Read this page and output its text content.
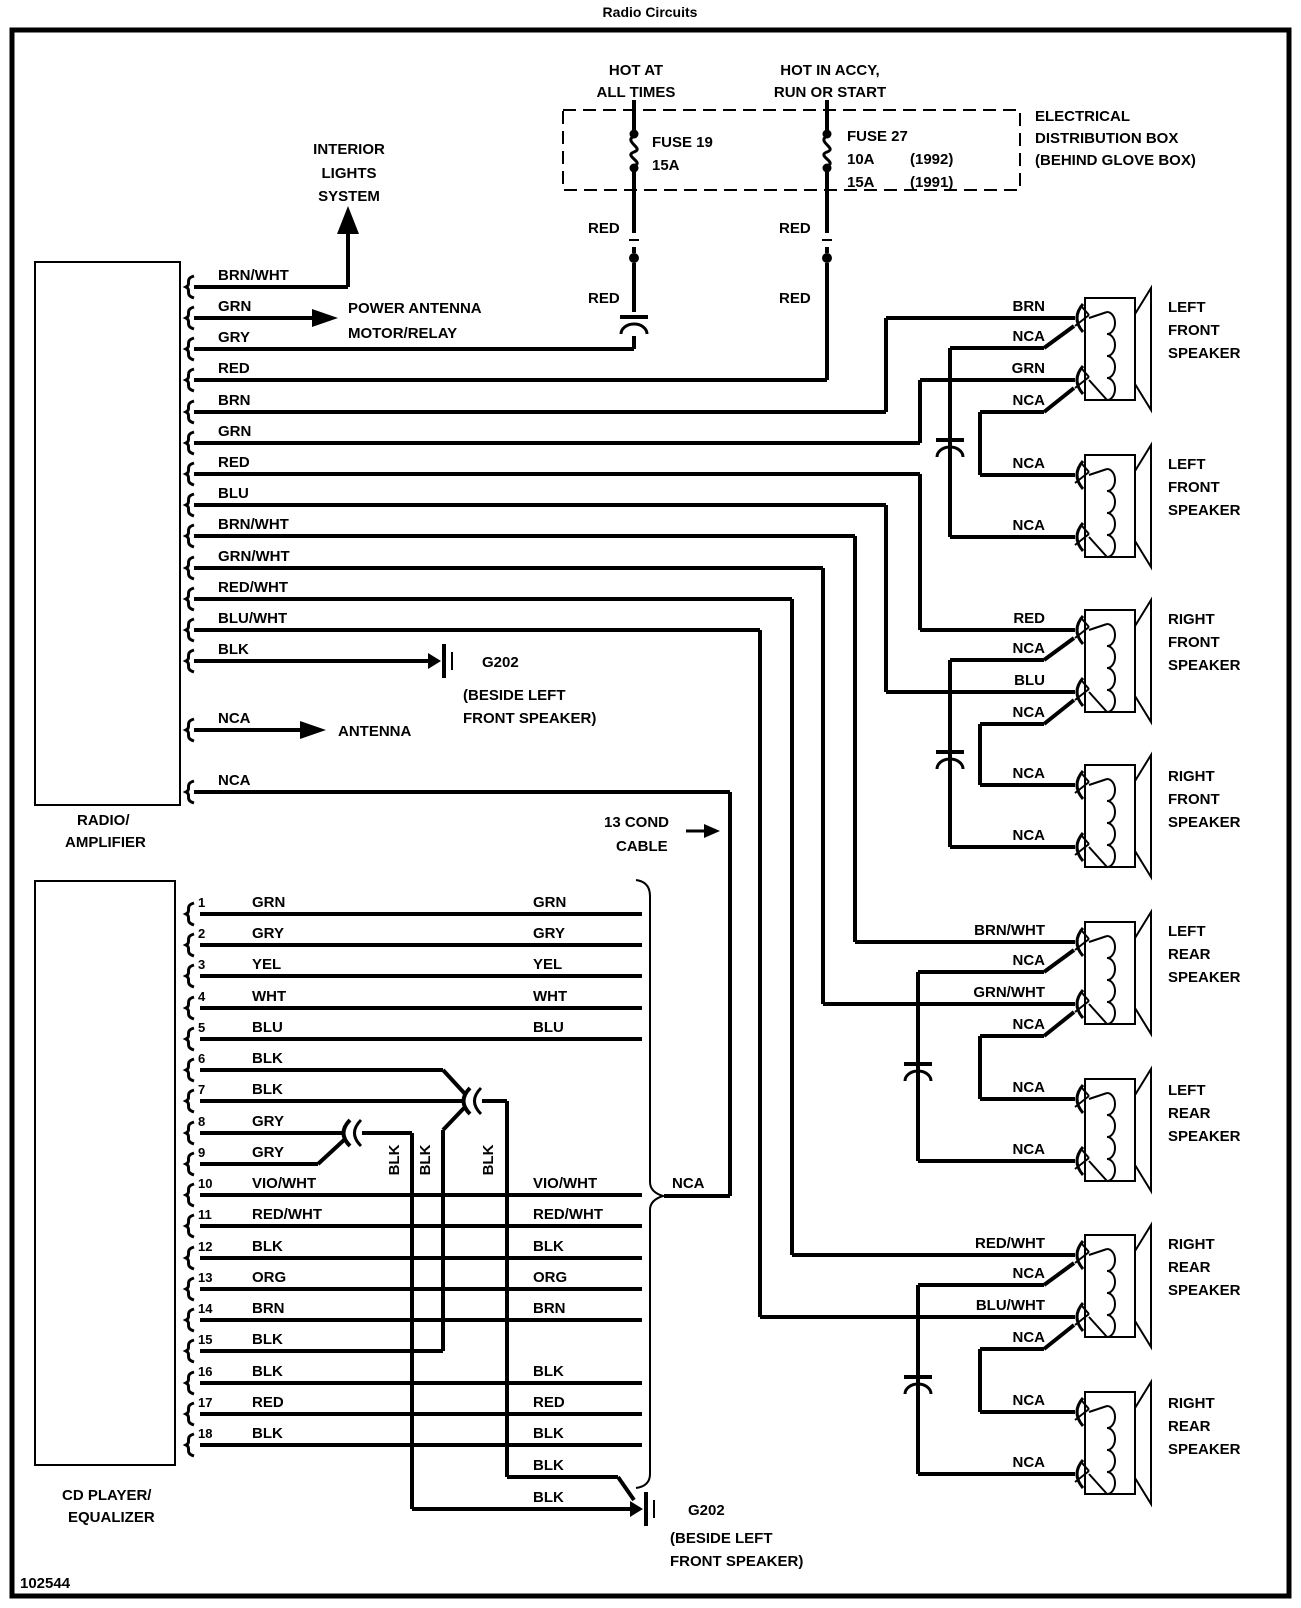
Radio Circuits
102544
HOT AT
ALL TIMES
HOT IN ACCY,
RUN OR START
FUSE 19
15A
FUSE 27
10A (1992)
15A (1991)
ELECTRICAL
DISTRIBUTION BOX
(BEHIND GLOVE BOX)
RED
RED
RED
RED
INTERIOR
LIGHTS
SYSTEM
RADIO/
AMPLIFIER
BRN/WHT
GRN
GRY
RED
BRN
GRN
RED
BLU
BRN/WHT
GRN/WHT
RED/WHT
BLU/WHT
BLK
NCA
NCA
POWER ANTENNA
MOTOR/RELAY
G202
(BESIDE LEFT
FRONT SPEAKER)
ANTENNA
13 COND
CABLE
BRN
NCA
GRN
NCA
NCA
NCA
LEFT
FRONT
SPEAKER
LEFT
FRONT
SPEAKER
RED
NCA
BLU
NCA
NCA
NCA
RIGHT
FRONT
SPEAKER
RIGHT
FRONT
SPEAKER
BRN/WHT
NCA
GRN/WHT
NCA
NCA
NCA
LEFT
REAR
SPEAKER
LEFT
REAR
SPEAKER
RED/WHT
NCA
BLU/WHT
NCA
NCA
NCA
RIGHT
REAR
SPEAKER
RIGHT
REAR
SPEAKER
CD PLAYER/
EQUALIZER
1	GRN	GRN
2	GRY	GRY
3	YEL	YEL
4	WHT	WHT
5	BLU	BLU
6	BLK
7	BLK
8	GRY
9	GRY
10	VIO/WHT	VIO/WHT
11	RED/WHT	RED/WHT
12	BLK	BLK
13	ORG	ORG
14	BRN	BRN
15	BLK
16	BLK	BLK
17	RED	RED
18	BLK	BLK
BLK BLK	BLK
BLK
BLK
G202
(BESIDE LEFT
FRONT SPEAKER)
NCA
